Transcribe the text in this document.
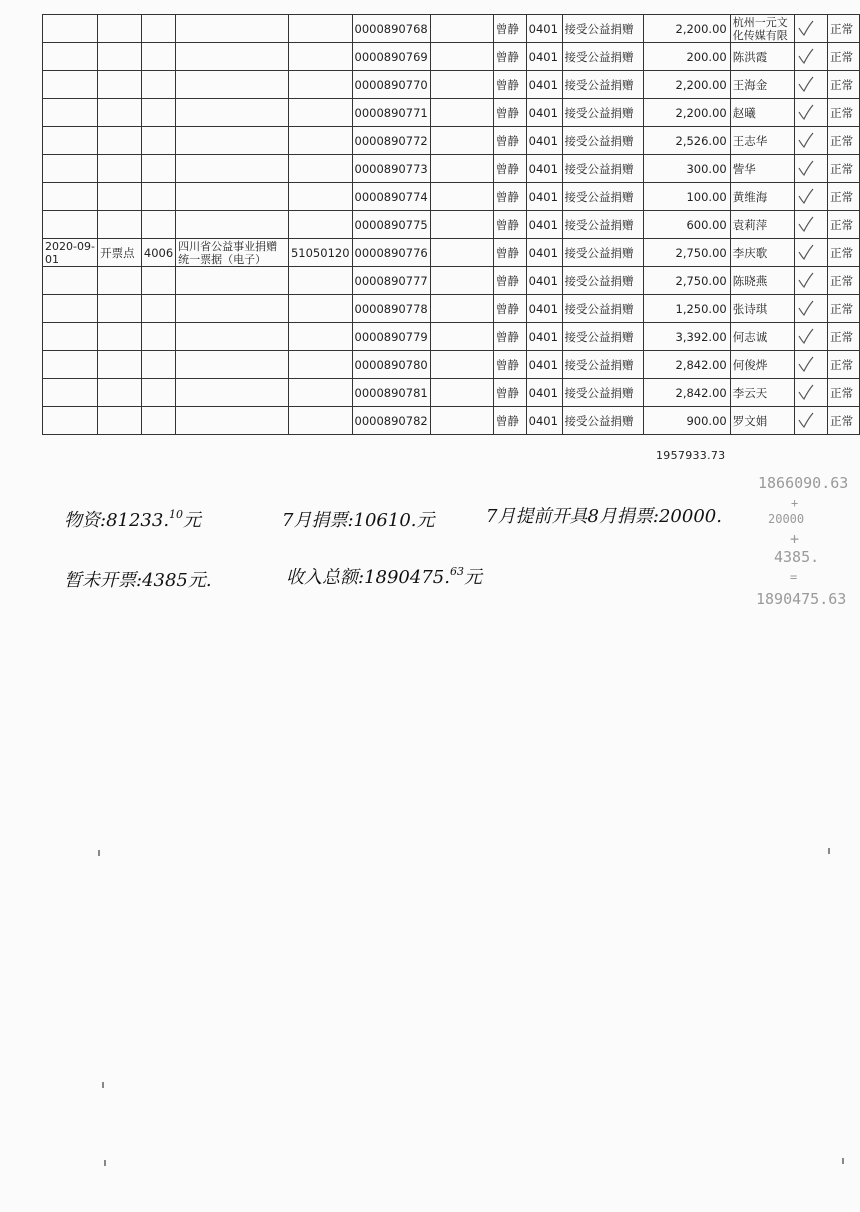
					0000890768		曾静	0401	接受公益捐赠	2,200.00	杭州一元文化传媒有限		正常
					0000890769		曾静	0401	接受公益捐赠	200.00	陈洪霞		正常
					0000890770		曾静	0401	接受公益捐赠	2,200.00	王海金		正常
					0000890771		曾静	0401	接受公益捐赠	2,200.00	赵曦		正常
					0000890772		曾静	0401	接受公益捐赠	2,526.00	王志华		正常
					0000890773		曾静	0401	接受公益捐赠	300.00	訾华		正常
					0000890774		曾静	0401	接受公益捐赠	100.00	黄维海		正常
					0000890775		曾静	0401	接受公益捐赠	600.00	袁莉萍		正常
2020-09-01	开票点	4006	四川省公益事业捐赠统一票据（电子）	51050120	0000890776		曾静	0401	接受公益捐赠	2,750.00	李庆歌		正常
					0000890777		曾静	0401	接受公益捐赠	2,750.00	陈晓燕		正常
					0000890778		曾静	0401	接受公益捐赠	1,250.00	张诗琪		正常
					0000890779		曾静	0401	接受公益捐赠	3,392.00	何志诚		正常
					0000890780		曾静	0401	接受公益捐赠	2,842.00	何俊烨		正常
					0000890781		曾静	0401	接受公益捐赠	2,842.00	李云天		正常
					0000890782		曾静	0401	接受公益捐赠	900.00	罗文娟		正常
1957933.73
物资:81233.10元	7月捐票:10610.元	7月提前开具8月捐票:20000.
暂未开票:4385元.	收入总额:1890475.63元
1866090.63
+
20000
+
4385.
=
1890475.63
